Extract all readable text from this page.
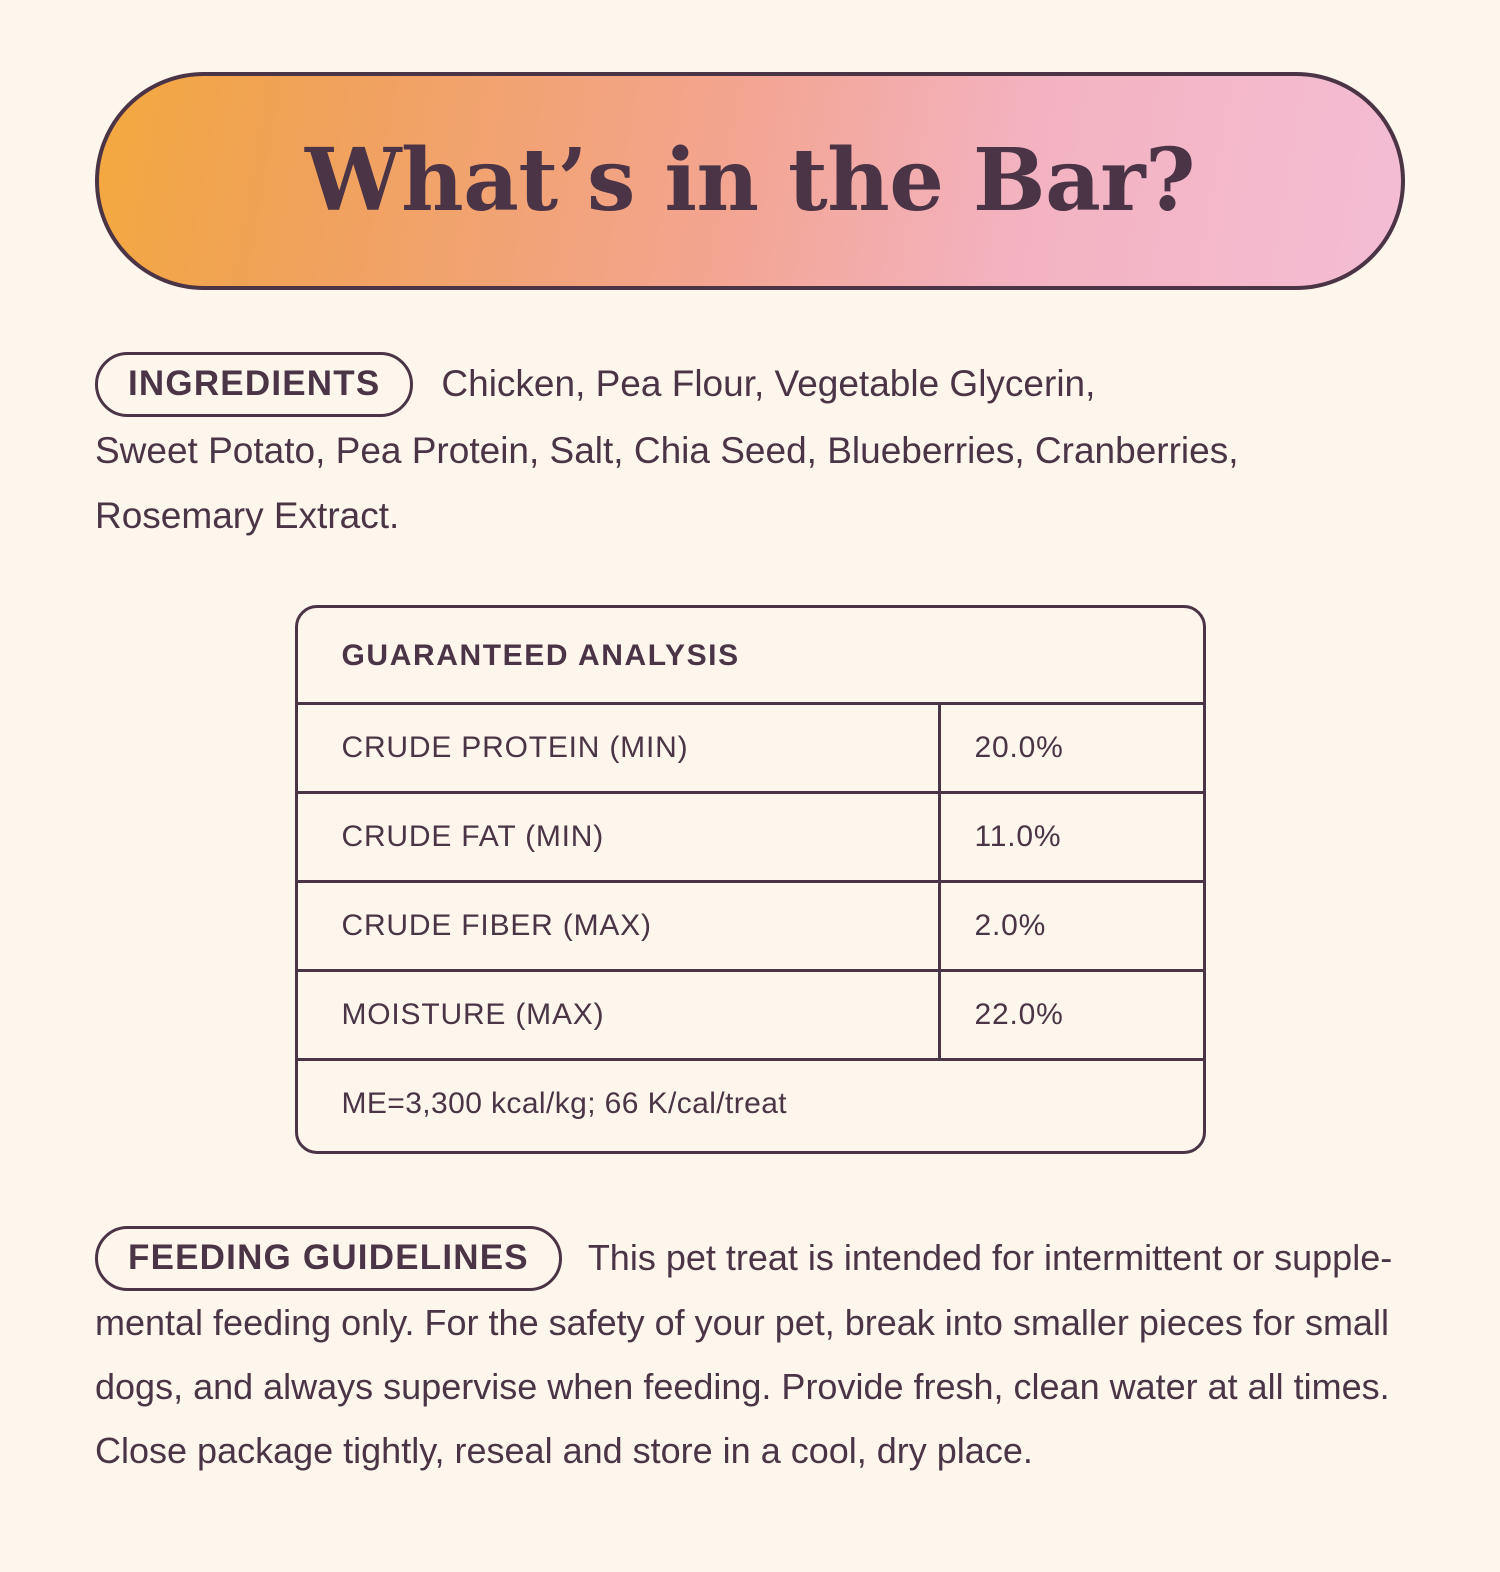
What’s in the Bar?
INGREDIENTS	Chicken, Pea Flour, Vegetable Glycerin,
Sweet Potato, Pea Protein, Salt, Chia Seed, Blueberries, Cranberries, Rosemary Extract.
GUARANTEED ANALYSIS
CRUDE PROTEIN (MIN)	20.0%
CRUDE FAT (MIN)	11.0%
CRUDE FIBER (MAX)	2.0%
MOISTURE (MAX)	22.0%
ME=3,300 kcal/kg; 66 K/cal/treat
FEEDING GUIDELINES	This pet treat is intended for intermittent or supple-
mental feeding only. For the safety of your pet, break into smaller pieces for small dogs, and always supervise when feeding. Provide fresh, clean water at all times. Close package tightly, reseal and store in a cool, dry place.
